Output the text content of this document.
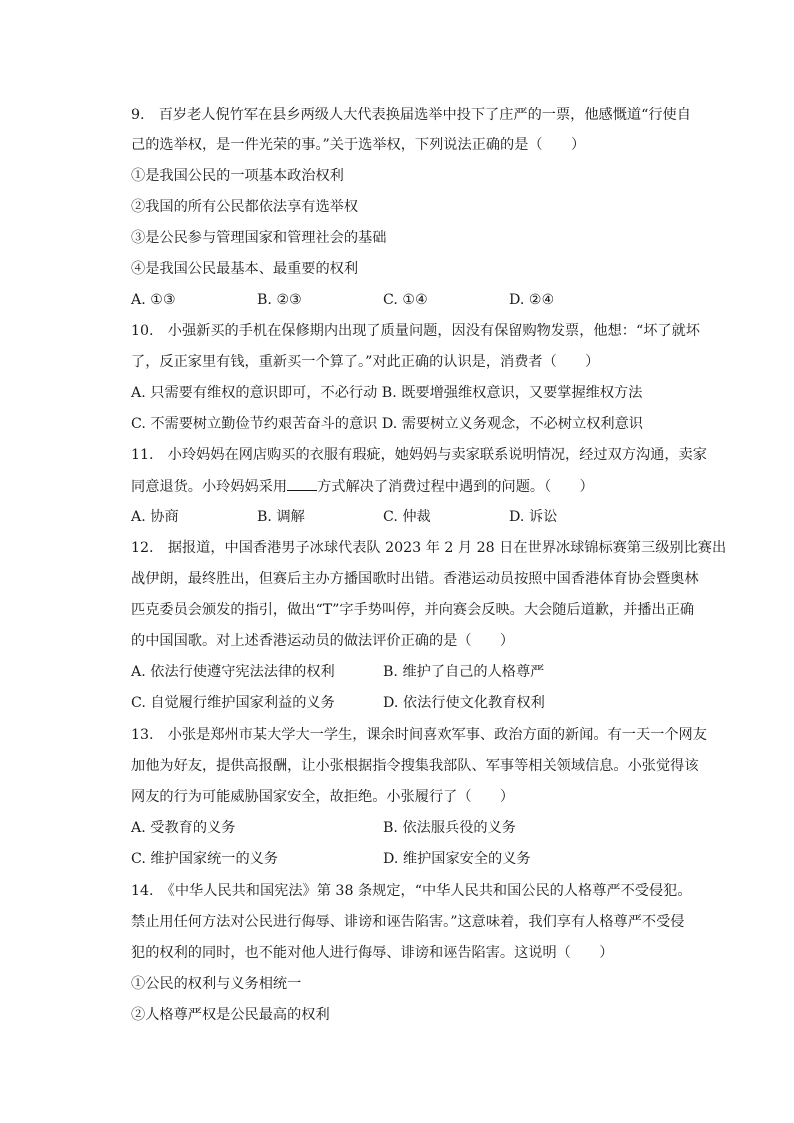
9.　百岁老人倪竹军在县乡两级人大代表换届选举中投下了庄严的一票，他感慨道“行使自
己的选举权，是一件光荣的事。”关于选举权，下列说法正确的是（　　）
①是我国公民的一项基本政治权利
②我国的所有公民都依法享有选举权
③是公民参与管理国家和管理社会的基础
④是我国公民最基本、最重要的权利
A. ①③	B. ②③	C. ①④	D. ②④
10.　小强新买的手机在保修期内出现了质量问题，因没有保留购物发票，他想：“坏了就坏
了，反正家里有钱，重新买一个算了。”对此正确的认识是，消费者（　　）
A. 只需要有维权的意识即可，不必行动 B. 既要增强维权意识，又要掌握维权方法
C. 不需要树立勤俭节约艰苦奋斗的意识 D. 需要树立义务观念，不必树立权利意识
11.　小玲妈妈在网店购买的衣服有瑕疵，她妈妈与卖家联系说明情况，经过双方沟通，卖家
同意退货。小玲妈妈采用 方式解决了消费过程中遇到的问题。（　　）
A. 协商	B. 调解	C. 仲裁	D. 诉讼
12.　据报道，中国香港男子冰球代表队 2023 年 2 月 28 日在世界冰球锦标赛第三级别比赛出
战伊朗，最终胜出，但赛后主办方播国歌时出错。香港运动员按照中国香港体育协会暨奥林
匹克委员会颁发的指引，做出“T”字手势叫停，并向赛会反映。大会随后道歉，并播出正确
的中国国歌。对上述香港运动员的做法评价正确的是（　　）
A. 依法行使遵守宪法法律的权利	B. 维护了自己的人格尊严
C. 自觉履行维护国家利益的义务	D. 依法行使文化教育权利
13.　小张是郑州市某大学大一学生，课余时间喜欢军事、政治方面的新闻。有一天一个网友
加他为好友，提供高报酬，让小张根据指令搜集我部队、军事等相关领域信息。小张觉得该
网友的行为可能威胁国家安全，故拒绝。小张履行了（　　）
A. 受教育的义务	B. 依法服兵役的义务
C. 维护国家统一的义务	D. 维护国家安全的义务
14.　《中华人民共和国宪法》第 38 条规定，“中华人民共和国公民的人格尊严不受侵犯。
禁止用任何方法对公民进行侮辱、诽谤和诬告陷害。”这意味着，我们享有人格尊严不受侵
犯的权利的同时，也不能对他人进行侮辱、诽谤和诬告陷害。这说明（　　）
①公民的权利与义务相统一
②人格尊严权是公民最高的权利
